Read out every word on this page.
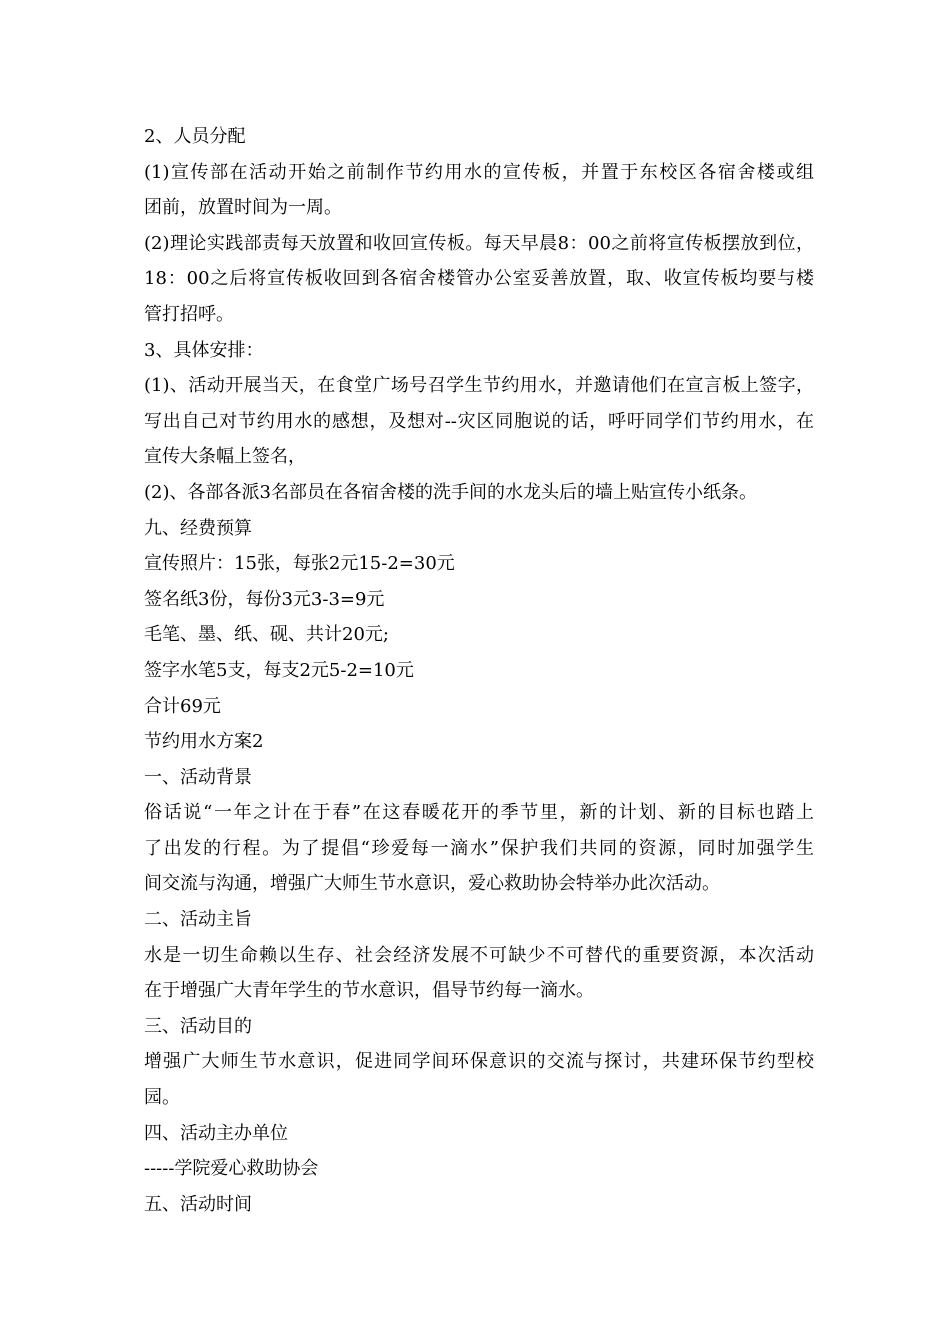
2、人员分配
(1)宣传部在活动开始之前制作节约用水的宣传板，并置于东校区各宿舍楼或组
团前，放置时间为一周。
(2)理论实践部责每天放置和收回宣传板。每天早晨8：00之前将宣传板摆放到位，
18：00之后将宣传板收回到各宿舍楼管办公室妥善放置，取、收宣传板均要与楼
管打招呼。
3、具体安排：
(1)、活动开展当天，在食堂广场号召学生节约用水，并邀请他们在宣言板上签字，
写出自己对节约用水的感想，及想对--灾区同胞说的话，呼吁同学们节约用水，在
宣传大条幅上签名，
(2)、各部各派3名部员在各宿舍楼的洗手间的水龙头后的墙上贴宣传小纸条。
九、经费预算
宣传照片：15张，每张2元15-2=30元
签名纸3份，每份3元3-3=9元
毛笔、墨、纸、砚、共计20元;
签字水笔5支，每支2元5-2=10元
合计69元
节约用水方案2
一、活动背景
俗话说“一年之计在于春”在这春暖花开的季节里，新的计划、新的目标也踏上
了出发的行程。为了提倡“珍爱每一滴水”保护我们共同的资源，同时加强学生
间交流与沟通，增强广大师生节水意识，爱心救助协会特举办此次活动。
二、活动主旨
水是一切生命赖以生存、社会经济发展不可缺少不可替代的重要资源，本次活动
在于增强广大青年学生的节水意识，倡导节约每一滴水。
三、活动目的
增强广大师生节水意识，促进同学间环保意识的交流与探讨，共建环保节约型校
园。
四、活动主办单位
-----学院爱心救助协会
五、活动时间
